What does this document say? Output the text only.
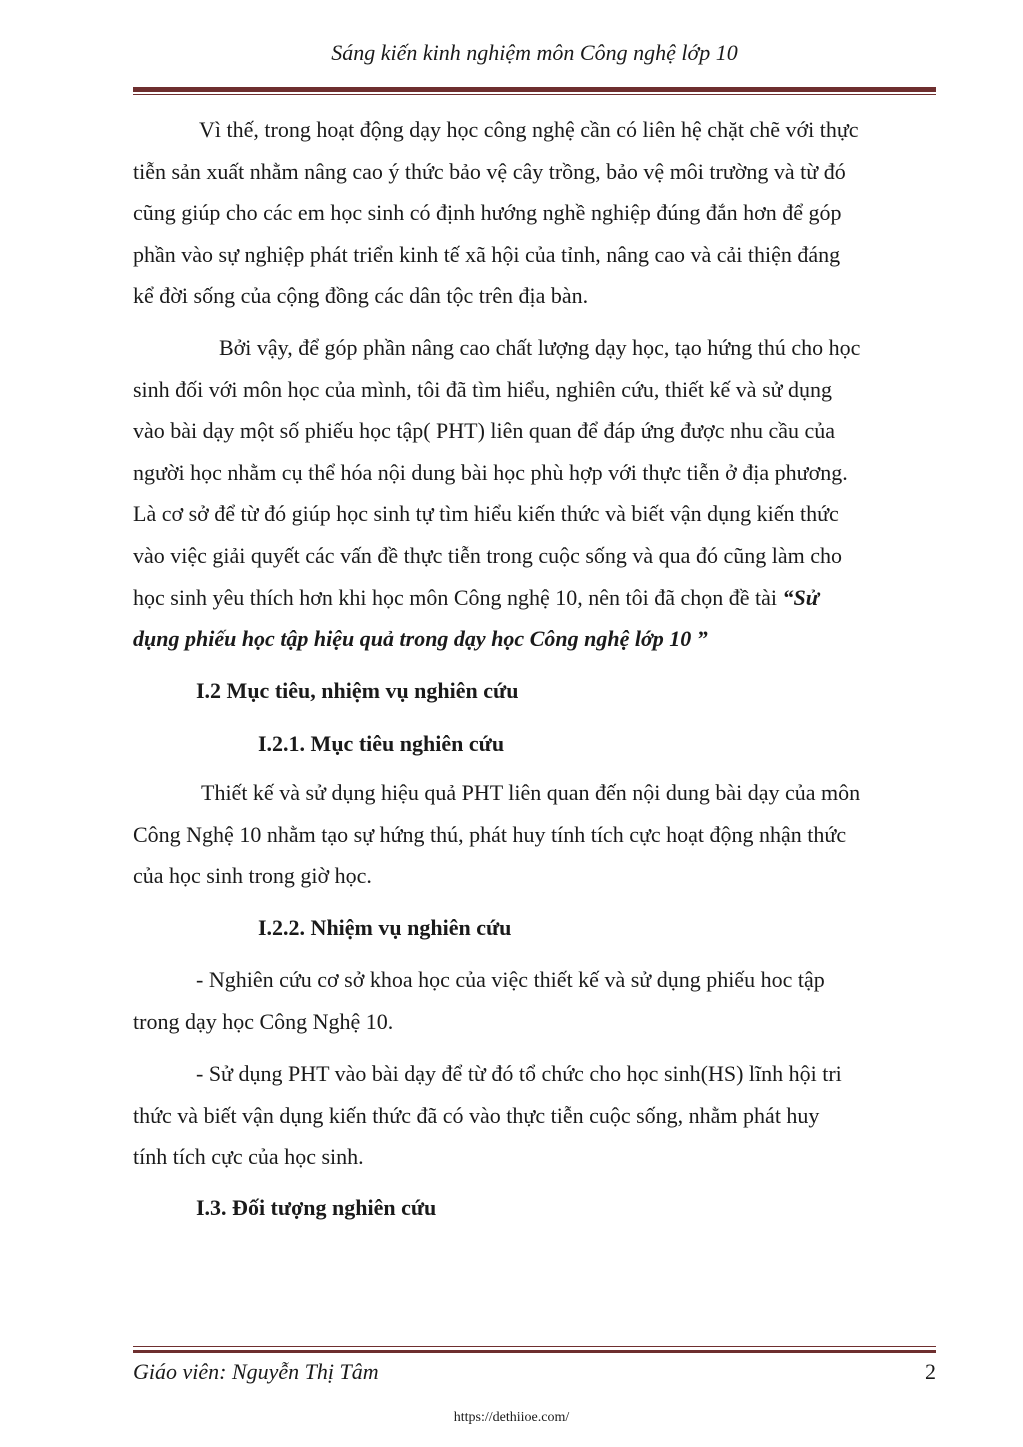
Sáng kiến kinh nghiệm môn Công nghệ lớp 10
Vì thế, trong hoạt động dạy học công nghệ cần có liên hệ chặt chẽ với thực
tiễn sản xuất nhằm nâng cao ý thức bảo vệ cây trồng, bảo vệ môi trường và từ đó
cũng giúp cho các em học sinh có định hướng nghề nghiệp đúng đắn hơn để góp
phần vào sự nghiệp phát triển kinh tế xã hội của tỉnh, nâng cao và cải thiện đáng
kể đời sống của cộng đồng các dân tộc trên địa bàn.
Bởi vậy, để góp phần nâng cao chất lượng dạy học, tạo hứng thú cho học
sinh đối với môn học của mình, tôi đã tìm hiểu, nghiên cứu, thiết kế và sử dụng
vào bài dạy một số phiếu học tập( PHT) liên quan để đáp ứng được nhu cầu của
người học nhằm cụ thể hóa nội dung bài học phù hợp với thực tiễn ở địa phương.
Là cơ sở để từ đó giúp học sinh tự tìm hiểu kiến thức và biết vận dụng kiến thức
vào việc giải quyết các vấn đề thực tiễn trong cuộc sống và qua đó cũng làm cho
học sinh yêu thích hơn khi học môn Công nghệ 10, nên tôi đã chọn đề tài “Sử
dụng phiếu học tập hiệu quả trong dạy học Công nghệ lớp 10 ”
I.2 Mục tiêu, nhiệm vụ nghiên cứu
I.2.1. Mục tiêu nghiên cứu
Thiết kế và sử dụng hiệu quả PHT liên quan đến nội dung bài dạy của môn
Công Nghệ 10 nhằm tạo sự hứng thú, phát huy tính tích cực hoạt động nhận thức
của học sinh trong giờ học.
I.2.2. Nhiệm vụ nghiên cứu
- Nghiên cứu cơ sở khoa học của việc thiết kế và sử dụng phiếu hoc tập
trong dạy học Công Nghệ 10.
- Sử dụng PHT vào bài dạy để từ đó tổ chức cho học sinh(HS) lĩnh hội tri
thức và biết vận dụng kiến thức đã có vào thực tiễn cuộc sống, nhằm phát huy
tính tích cực của học sinh.
I.3. Đối tượng nghiên cứu
Giáo viên: Nguyễn Thị Tâm	2
https://dethiioe.com/
